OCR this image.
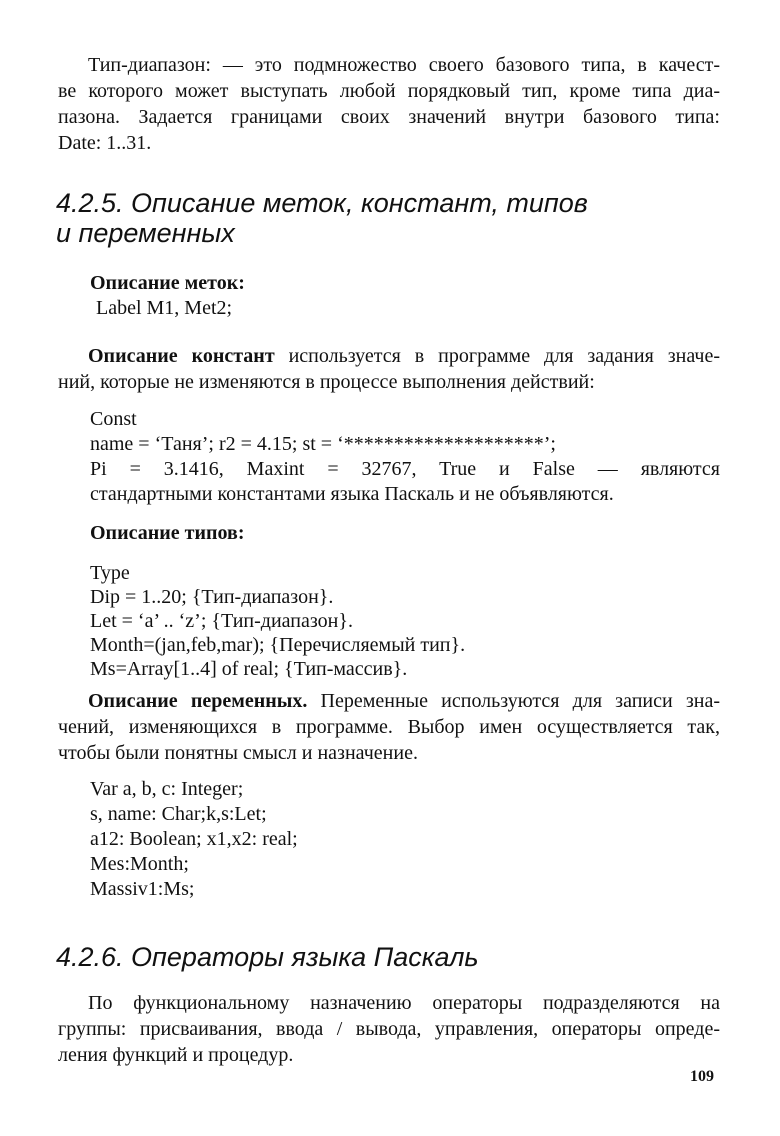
Тип-диапазон: — это подмножество своего базового типа, в качест-

ве которого может выступать любой порядковый тип, кроме типа диа-

пазона. Задается границами своих значений внутри базового типа:

Date: 1..31.

4.2.5. Описание меток, констант, типов
и переменных

Описание меток:

Label M1, Met2;

Описание констант используется в программе для задания значе-

ний, которые не изменяются в процессе выполнения действий:

Const

name = ‘Таня’; r2 = 4.15; st = ‘********************’;

Pi = 3.1416, Maxint = 32767, True и False — являются

стандартными константами языка Паскаль и не объявляются.

Описание типов:

Type

Dip = 1..20; {Тип-диапазон}.

Let = ‘a’ .. ‘z’; {Тип-диапазон}.

Month=(jan,feb,mar); {Перечисляемый тип}.

Ms=Array[1..4] of real; {Тип-массив}.

Описание переменных. Переменные используются для записи зна-

чений, изменяющихся в программе. Выбор имен осуществляется так,

чтобы были понятны смысл и назначение.

Var a, b, c: Integer;

s, name: Char;k,s:Let;

a12: Boolean; x1,x2: real;

Mes:Month;

Massiv1:Ms;

4.2.6. Операторы языка Паскаль

По функциональному назначению операторы подразделяются на

группы: присваивания, ввода / вывода, управления, операторы опреде-

ления функций и процедур.

109
